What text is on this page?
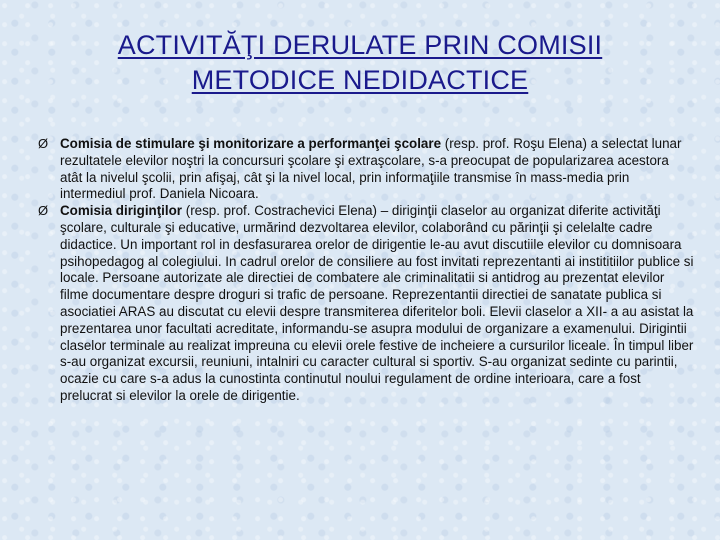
ACTIVITĂŢI DERULATE PRIN COMISII
METODICE NEDIDACTICE
Ø Comisia de stimulare şi monitorizare a performanţei şcolare (resp. prof. Roşu Elena) a selectat lunar rezultatele elevilor noştri la concursuri şcolare şi extraşcolare, s-a preocupat de popularizarea acestora atât la nivelul şcolii, prin afişaj, cât şi la nivel local, prin informaţiile transmise în mass-media prin intermediul prof. Daniela Nicoara.
Ø Comisia diriginţilor (resp. prof. Costrachevici Elena) – diriginţii claselor au organizat diferite activităţi şcolare, culturale şi educative, urmărind dezvoltarea elevilor, colaborând cu părinţii şi celelalte cadre didactice. Un important rol in desfasurarea orelor de dirigentie le-au avut discutiile elevilor cu domnisoara psihopedagog al colegiului. In cadrul orelor de consiliere au fost invitati reprezentanti ai instititiilor publice si locale. Persoane autorizate ale directiei de combatere ale criminalitatii si antidrog au prezentat elevilor filme documentare despre droguri si trafic de persoane. Reprezentantii directiei de sanatate publica si asociatiei ARAS au discutat cu elevii despre transmiterea diferitelor boli. Elevii claselor a XII- a au asistat la prezentarea unor facultati acreditate, informandu-se asupra modului de organizare a examenului. Dirigintii claselor terminale au realizat impreuna cu elevii orele festive de incheiere a cursurilor liceale. În timpul liber s-au organizat excursii, reuniuni, intalniri cu caracter cultural si sportiv. S-au organizat sedinte cu parintii, ocazie cu care s-a adus la cunostinta continutul noului regulament de ordine interioara, care a fost prelucrat si elevilor la orele de dirigentie.
